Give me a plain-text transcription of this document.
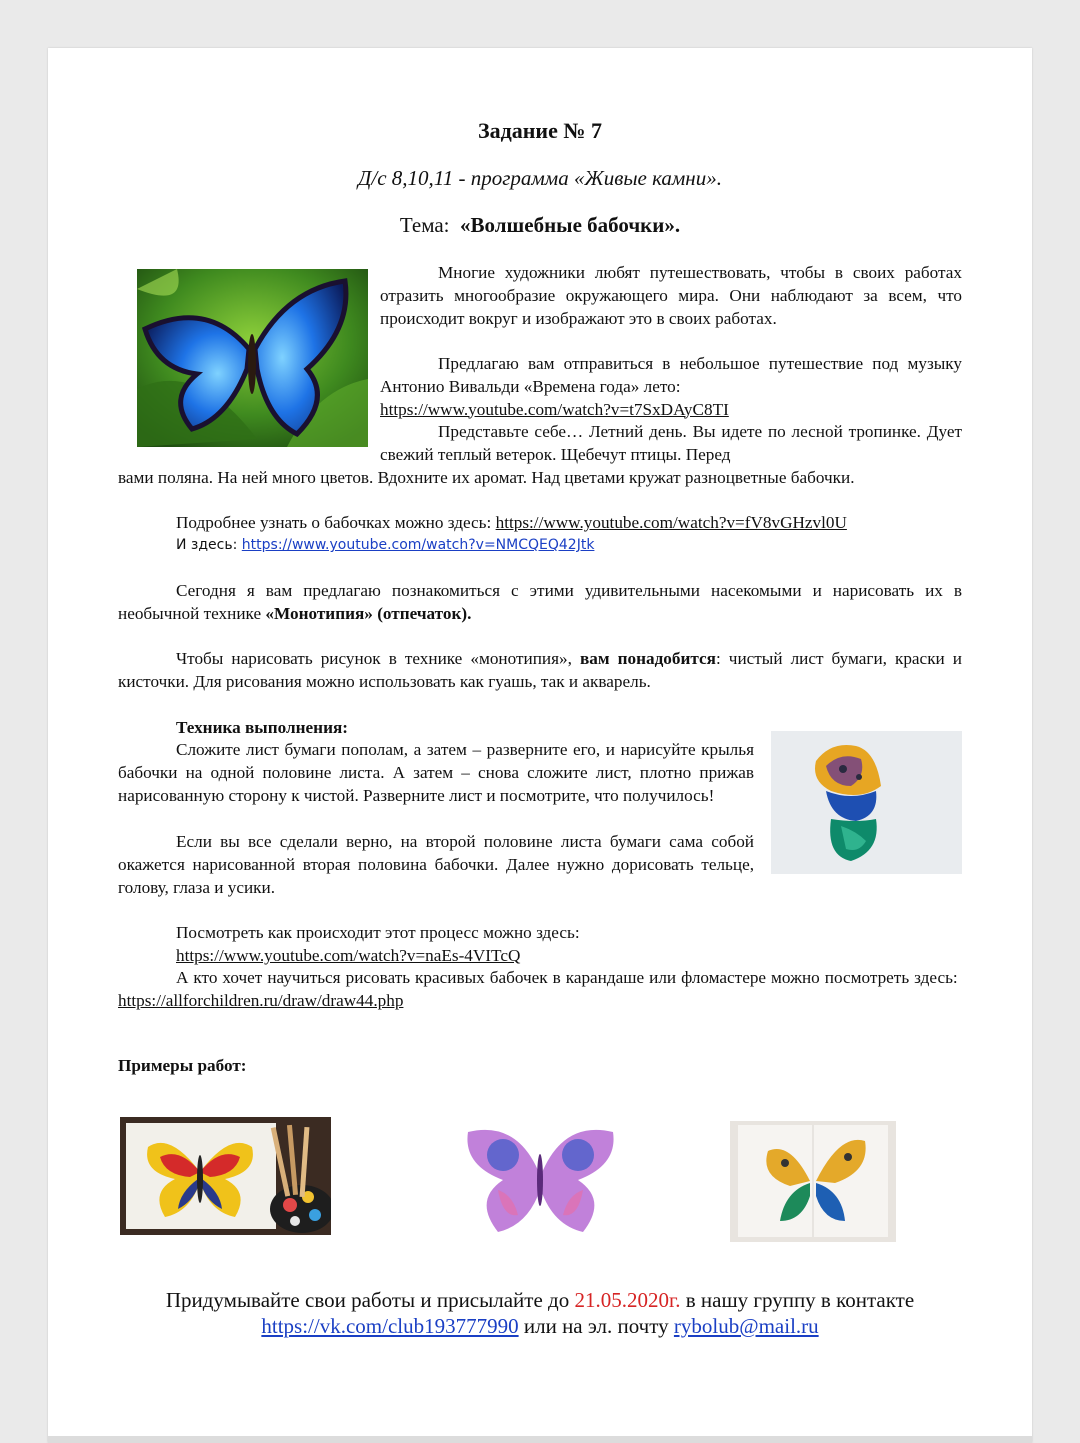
Задание № 7
Д/с 8,10,11 - программа «Живые камни».
Тема: «Волшебные бабочки».
Многие художники любят путешествовать, чтобы в своих работах отразить многообразие окружающего мира. Они наблюдают за всем, что происходит вокруг и изображают это в своих работах.
Предлагаю вам отправиться в небольшое путешествие под музыку Антонио Вивальди «Времена года» лето:
https://www.youtube.com/watch?v=t7SxDAyC8TI
Представьте себе… Летний день. Вы идете по лесной тропинке. Дует свежий теплый ветерок. Щебечут птицы. Перед
вами поляна. На ней много цветов. Вдохните их аромат. Над цветами кружат разноцветные бабочки.
Подробнее узнать о бабочках можно здесь: https://www.youtube.com/watch?v=fV8vGHzvl0U
И здесь: https://www.youtube.com/watch?v=NMCQEQ42Jtk
Сегодня я вам предлагаю познакомиться с этими удивительными насекомыми и нарисовать их в необычной технике «Монотипия» (отпечаток).
Чтобы нарисовать рисунок в технике «монотипия», вам понадобится: чистый лист бумаги, краски и кисточки. Для рисования можно использовать как гуашь, так и акварель.
Техника выполнения:
Сложите лист бумаги пополам, а затем – разверните его, и нарисуйте крылья бабочки на одной половине листа. А затем – снова сложите лист, плотно прижав нарисованную сторону к чистой. Разверните лист и посмотрите, что получилось!
Если вы все сделали верно, на второй половине листа бумаги сама собой окажется нарисованной вторая половина бабочки. Далее нужно дорисовать тельце, голову, глаза и усики.
Посмотреть как происходит этот процесс можно здесь:
https://www.youtube.com/watch?v=naEs-4VITcQ
А кто хочет научиться рисовать красивых бабочек в карандаше или фломастере можно посмотреть здесь:  https://allforchildren.ru/draw/draw44.php
Примеры работ:
Придумывайте свои работы и присылайте до 21.05.2020г. в нашу группу в контакте
https://vk.com/club193777990 или на эл. почту rybolub@mail.ru
